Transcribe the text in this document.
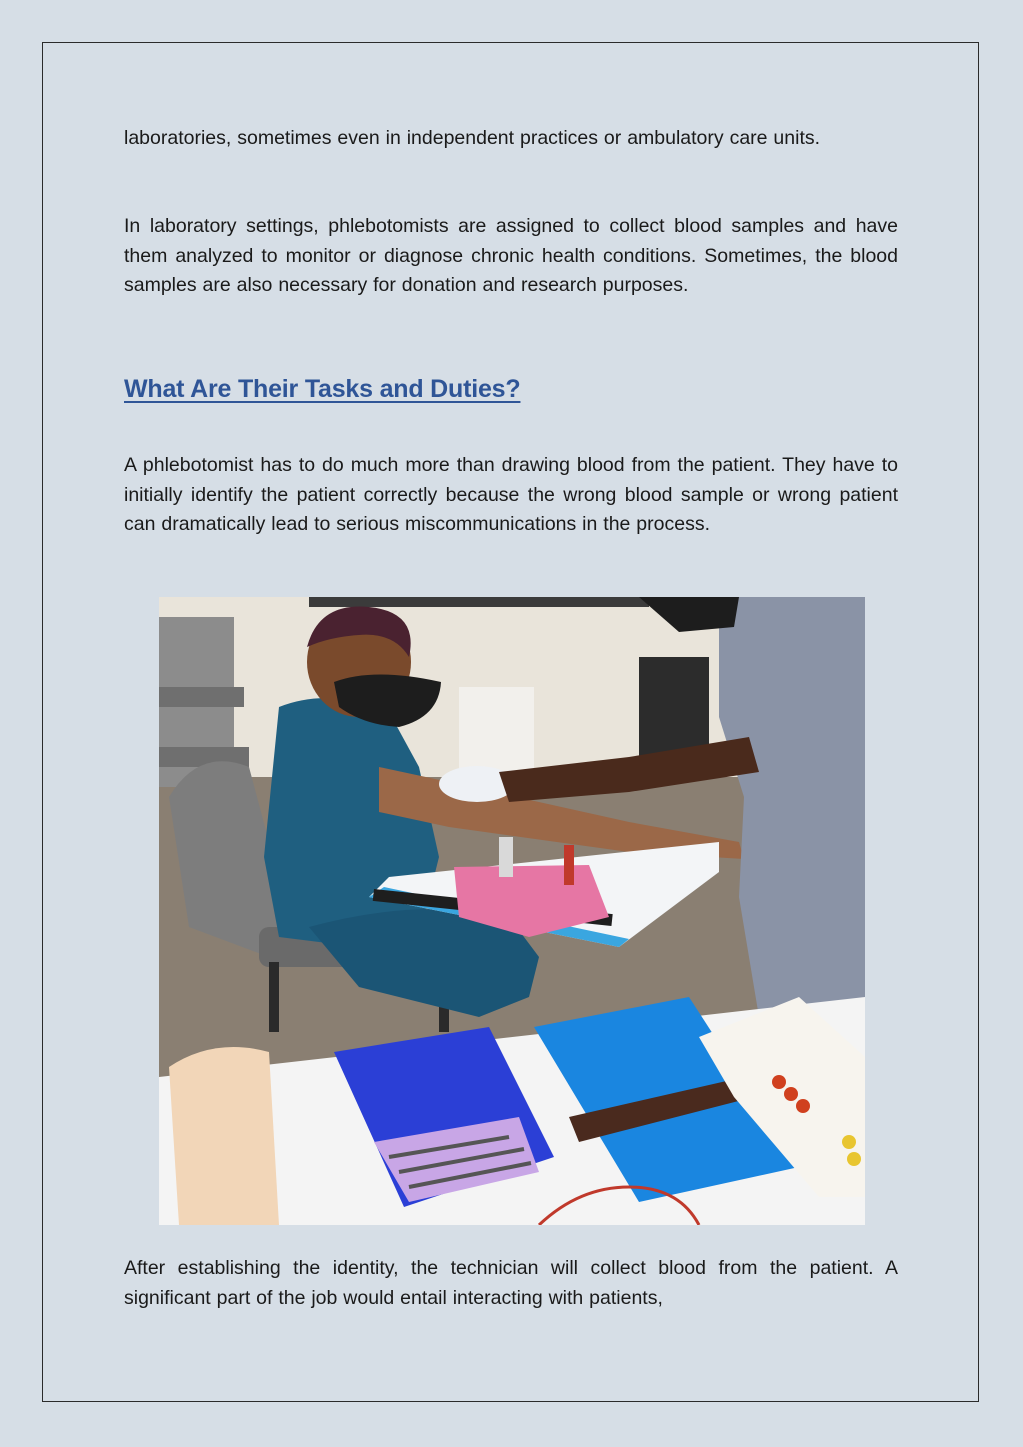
laboratories, sometimes even in independent practices or ambulatory care units.

In laboratory settings, phlebotomists are assigned to collect blood samples and have them analyzed to monitor or diagnose chronic health conditions. Sometimes, the blood samples are also necessary for donation and research purposes.

What Are Their Tasks and Duties?

A phlebotomist has to do much more than drawing blood from the patient. They have to initially identify the patient correctly because the wrong blood sample or wrong patient can dramatically lead to serious miscommunications in the process.

After establishing the identity, the technician will collect blood from the patient. A significant part of the job would entail interacting with patients,
